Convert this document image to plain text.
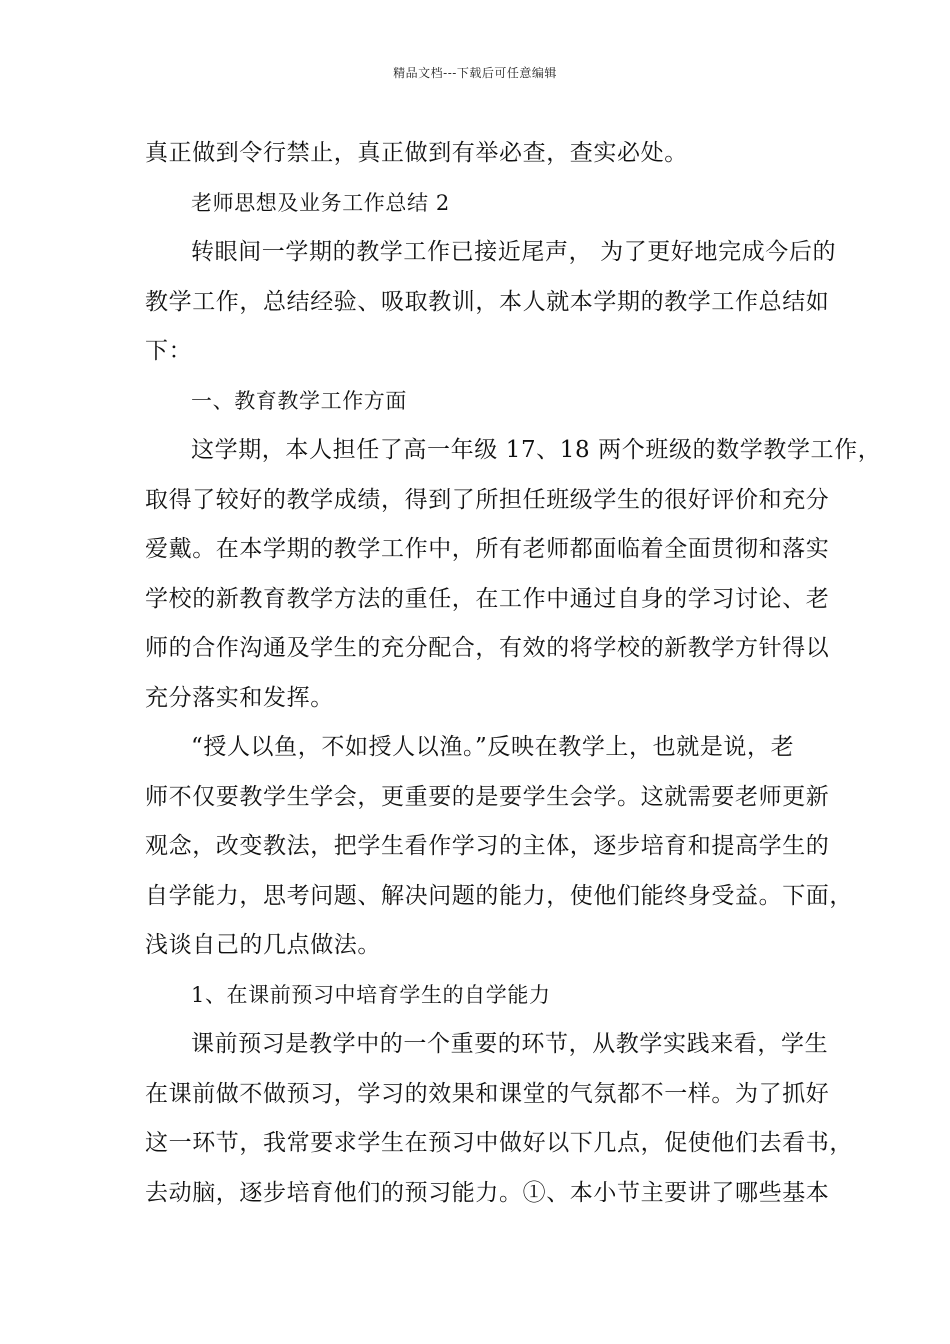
精品文档---下载后可任意编辑
真正做到令行禁止，真正做到有举必查，查实必处。
老师思想及业务工作总结 2
转眼间一学期的教学工作已接近尾声， 为了更好地完成今后的
教学工作，总结经验、吸取教训，本人就本学期的教学工作总结如
下：
一、教育教学工作方面
这学期，本人担任了高一年级 17、18 两个班级的数学教学工作，
取得了较好的教学成绩，得到了所担任班级学生的很好评价和充分
爱戴。在本学期的教学工作中，所有老师都面临着全面贯彻和落实
学校的新教育教学方法的重任，在工作中通过自身的学习讨论、老
师的合作沟通及学生的充分配合，有效的将学校的新教学方针得以
充分落实和发挥。
“授人以鱼，不如授人以渔。”反映在教学上，也就是说，老
师不仅要教学生学会，更重要的是要学生会学。这就需要老师更新
观念，改变教法，把学生看作学习的主体，逐步培育和提高学生的
自学能力，思考问题、解决问题的能力，使他们能终身受益。下面，
浅谈自己的几点做法。
1、在课前预习中培育学生的自学能力
课前预习是教学中的一个重要的环节，从教学实践来看，学生
在课前做不做预习，学习的效果和课堂的气氛都不一样。为了抓好
这一环节，我常要求学生在预习中做好以下几点，促使他们去看书，
去动脑，逐步培育他们的预习能力。①、本小节主要讲了哪些基本
